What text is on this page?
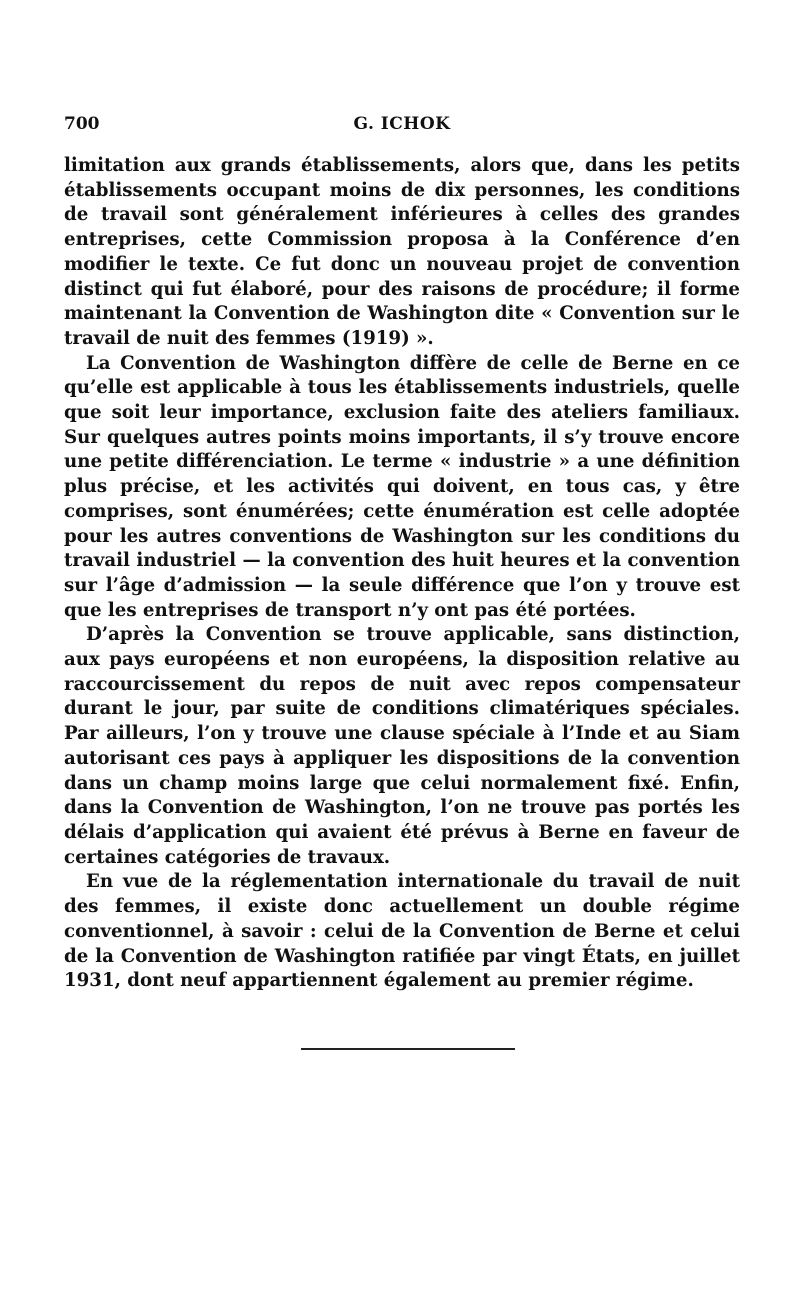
700	G. ICHOK

limitation aux grands établissements, alors que, dans les petits établissements occupant moins de dix personnes, les conditions de travail sont généralement inférieures à celles des grandes entreprises, cette Commission proposa à la Conférence d’en modifier le texte. Ce fut donc un nouveau projet de convention distinct qui fut élaboré, pour des raisons de procédure; il forme maintenant la Convention de Washington dite « Convention sur le travail de nuit des femmes (1919) ».

La Convention de Washington diffère de celle de Berne en ce qu’elle est applicable à tous les établissements industriels, quelle que soit leur importance, exclusion faite des ateliers familiaux. Sur quelques autres points moins importants, il s’y trouve encore une petite différenciation. Le terme « industrie » a une définition plus précise, et les activités qui doivent, en tous cas, y être comprises, sont énumérées; cette énumération est celle adoptée pour les autres conventions de Washington sur les conditions du travail industriel — la convention des huit heures et la convention sur l’âge d’admission — la seule différence que l’on y trouve est que les entreprises de transport n’y ont pas été portées.

D’après la Convention se trouve applicable, sans distinction, aux pays européens et non européens, la disposition relative au raccourcissement du repos de nuit avec repos compensateur durant le jour, par suite de conditions climatériques spéciales. Par ailleurs, l’on y trouve une clause spéciale à l’Inde et au Siam autorisant ces pays à appliquer les dispositions de la convention dans un champ moins large que celui normalement fixé. Enfin, dans la Convention de Washington, l’on ne trouve pas portés les délais d’application qui avaient été prévus à Berne en faveur de certaines catégories de travaux.

En vue de la réglementation internationale du travail de nuit des femmes, il existe donc actuellement un double régime conventionnel, à savoir : celui de la Convention de Berne et celui de la Convention de Washington ratifiée par vingt États, en juillet 1931, dont neuf appartiennent également au premier régime.
